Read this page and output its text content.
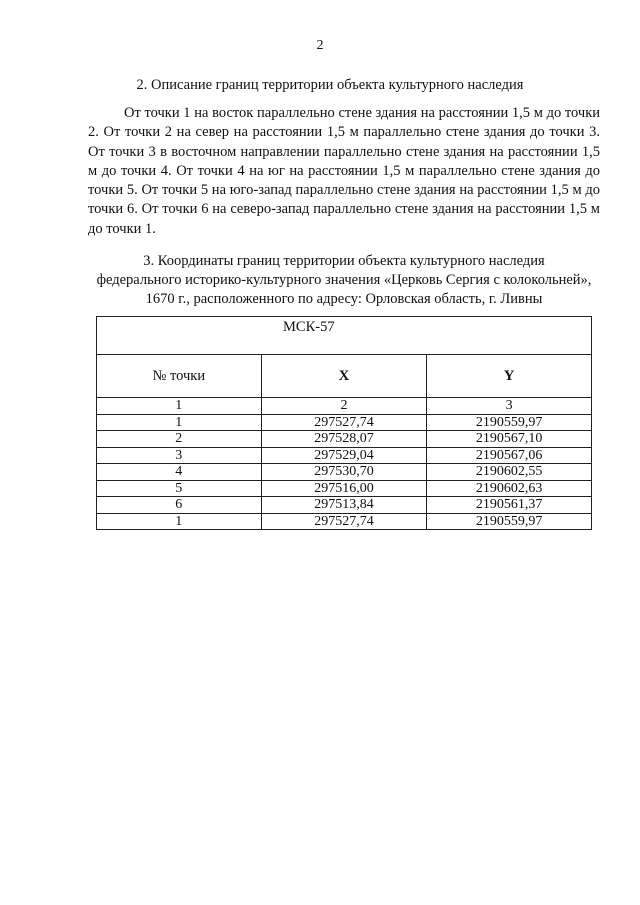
2
2. Описание границ территории объекта культурного наследия

От точки 1 на восток параллельно стене здания на расстоянии 1,5 м до точки 2. От точки 2 на север на расстоянии 1,5 м параллельно стене здания до точки 3. От точки 3 в восточном направлении параллельно стене здания на расстоянии 1,5 м до точки 4. От точки 4 на юг на расстоянии 1,5 м параллельно стене здания до точки 5. От точки 5 на юго-запад параллельно стене здания на расстоянии 1,5 м до точки 6. От точки 6 на северо-запад параллельно стене здания на расстоянии 1,5 м до точки 1.

3. Координаты границ территории объекта культурного наследия
федерального историко-культурного значения «Церковь Сергия с колокольней»,
1670 г., расположенного по адресу: Орловская область, г. Ливны
МСК-57		
№ точки	X	Y
1	2	3
1	297527,74	2190559,97
2	297528,07	2190567,10
3	297529,04	2190567,06
4	297530,70	2190602,55
5	297516,00	2190602,63
6	297513,84	2190561,37
1	297527,74	2190559,97
